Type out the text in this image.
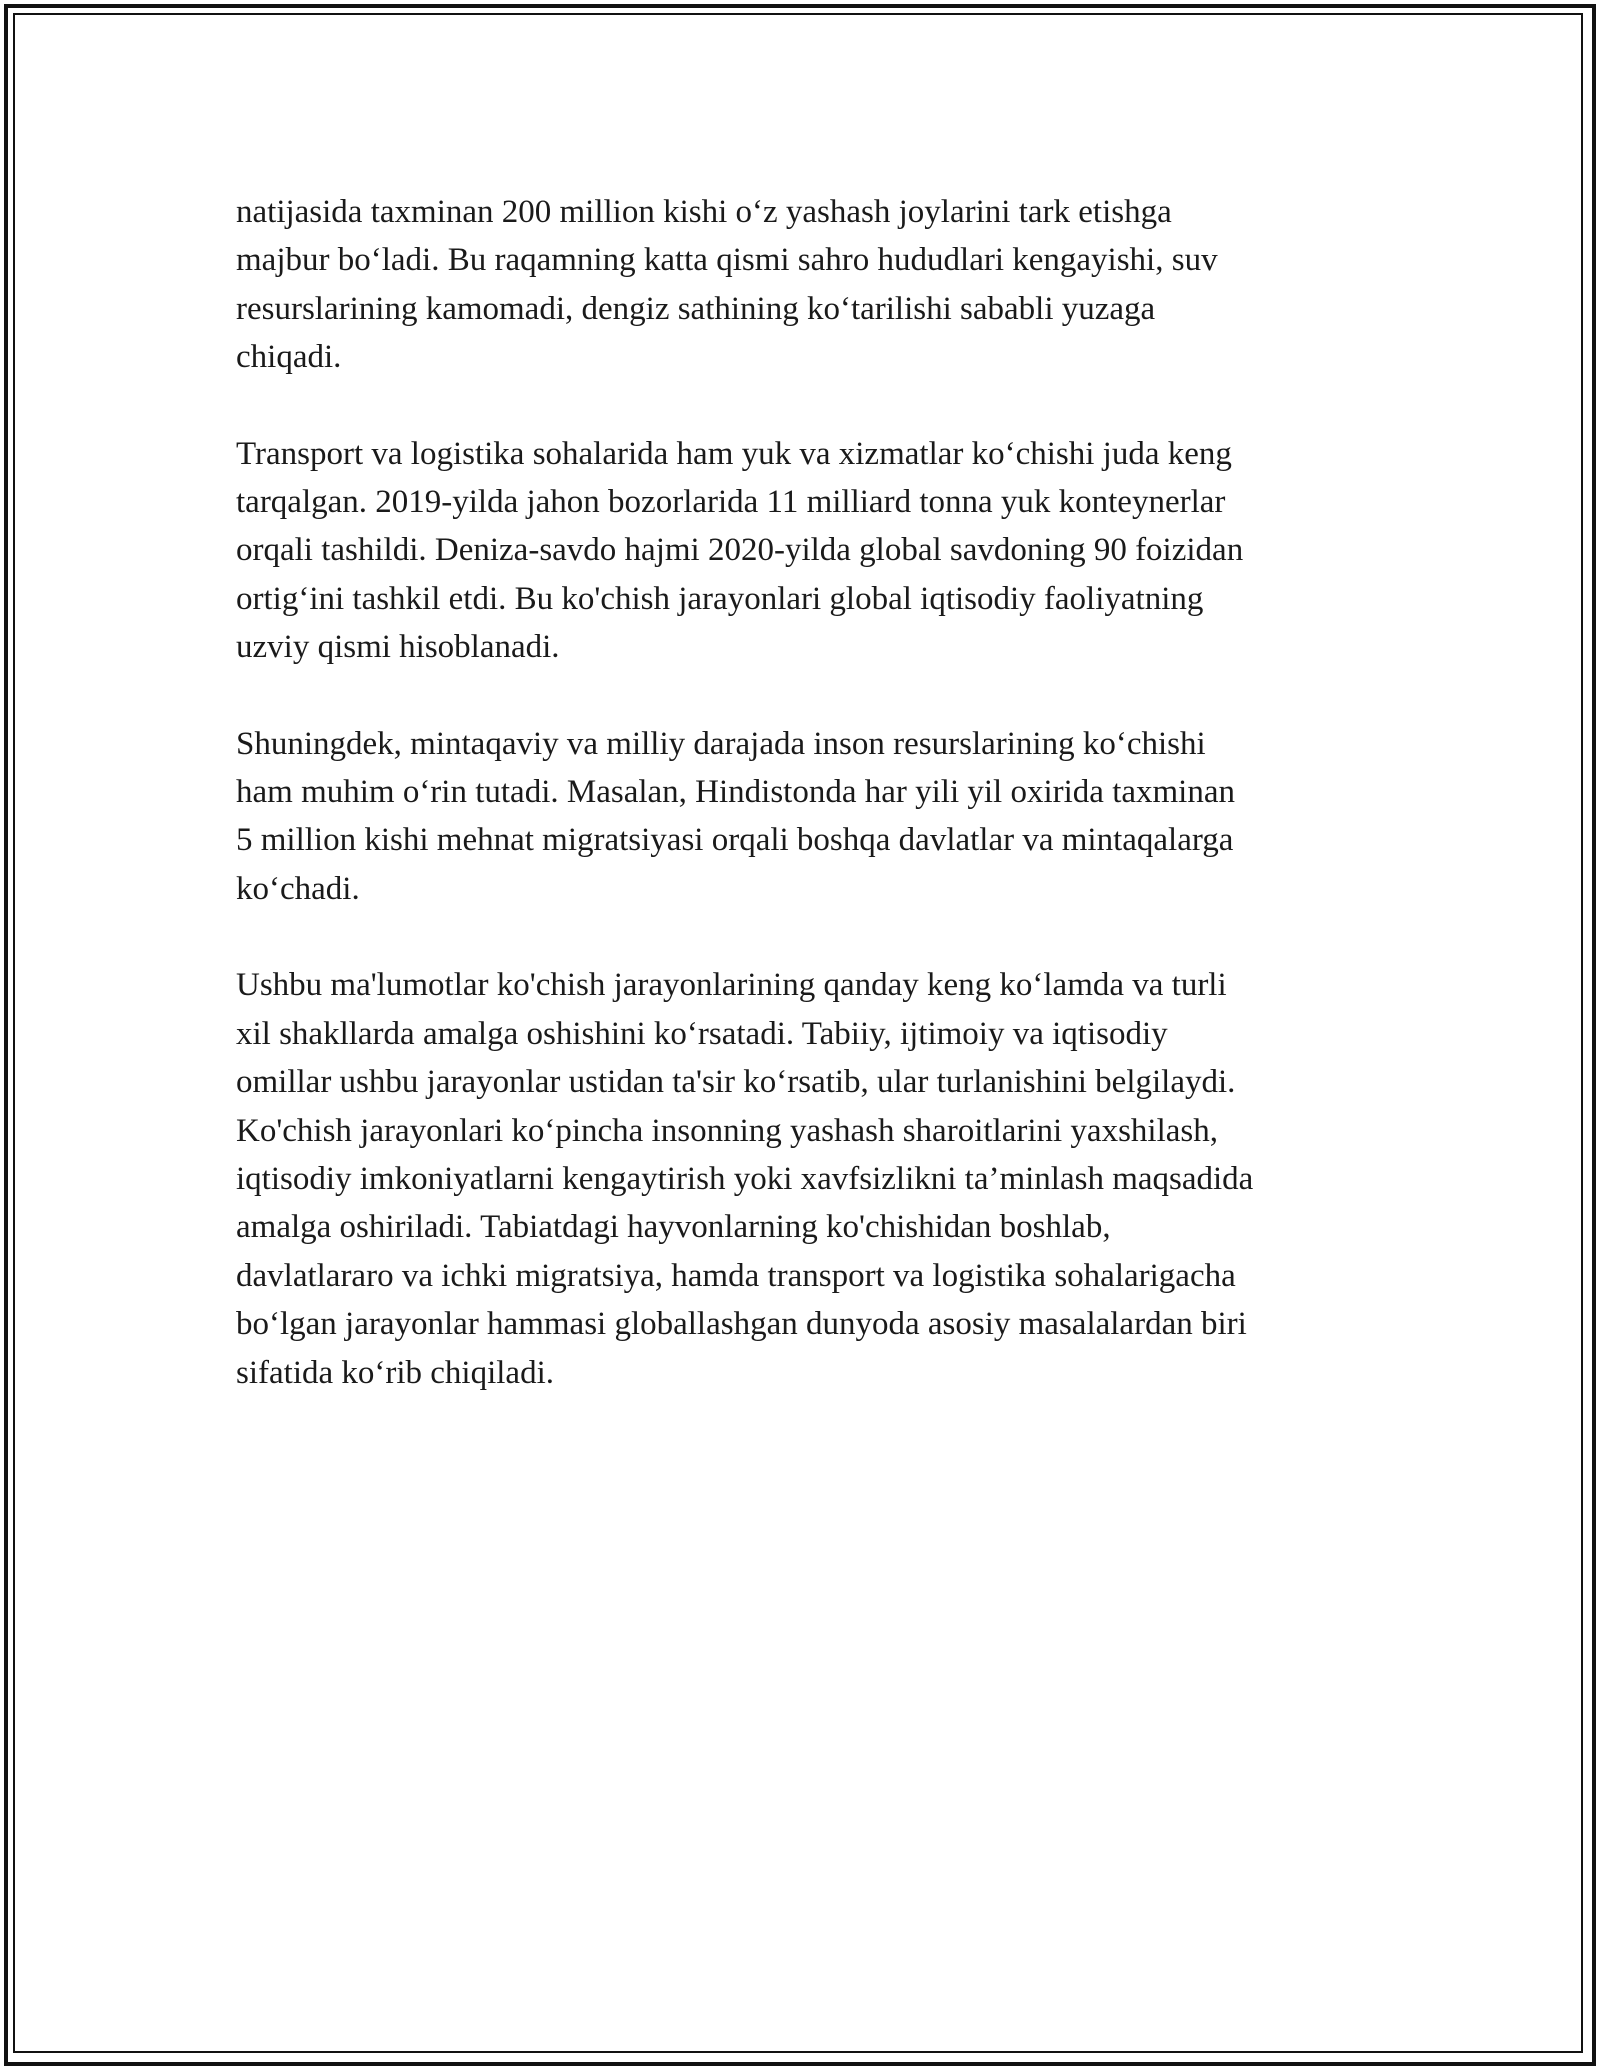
natijasida taxminan 200 million kishi o‘z yashash joylarini tark etishga
majbur bo‘ladi. Bu raqamning katta qismi sahro hududlari kengayishi, suv
resurslarining kamomadi, dengiz sathining ko‘tarilishi sababli yuzaga
chiqadi.

Transport va logistika sohalarida ham yuk va xizmatlar ko‘chishi juda keng
tarqalgan. 2019-yilda jahon bozorlarida 11 milliard tonna yuk konteynerlar
orqali tashildi. Deniza-savdo hajmi 2020-yilda global savdoning 90 foizidan
ortig‘ini tashkil etdi. Bu ko'chish jarayonlari global iqtisodiy faoliyatning
uzviy qismi hisoblanadi.

Shuningdek, mintaqaviy va milliy darajada inson resurslarining ko‘chishi
ham muhim o‘rin tutadi. Masalan, Hindistonda har yili yil oxirida taxminan
5 million kishi mehnat migratsiyasi orqali boshqa davlatlar va mintaqalarga
ko‘chadi.

Ushbu ma'lumotlar ko'chish jarayonlarining qanday keng ko‘lamda va turli
xil shakllarda amalga oshishini ko‘rsatadi. Tabiiy, ijtimoiy va iqtisodiy
omillar ushbu jarayonlar ustidan ta'sir ko‘rsatib, ular turlanishini belgilaydi.
Ko'chish jarayonlari ko‘pincha insonning yashash sharoitlarini yaxshilash,
iqtisodiy imkoniyatlarni kengaytirish yoki xavfsizlikni ta’minlash maqsadida
amalga oshiriladi. Tabiatdagi hayvonlarning ko'chishidan boshlab,
davlatlararo va ichki migratsiya, hamda transport va logistika sohalarigacha
bo‘lgan jarayonlar hammasi globallashgan dunyoda asosiy masalalardan biri
sifatida ko‘rib chiqiladi.
